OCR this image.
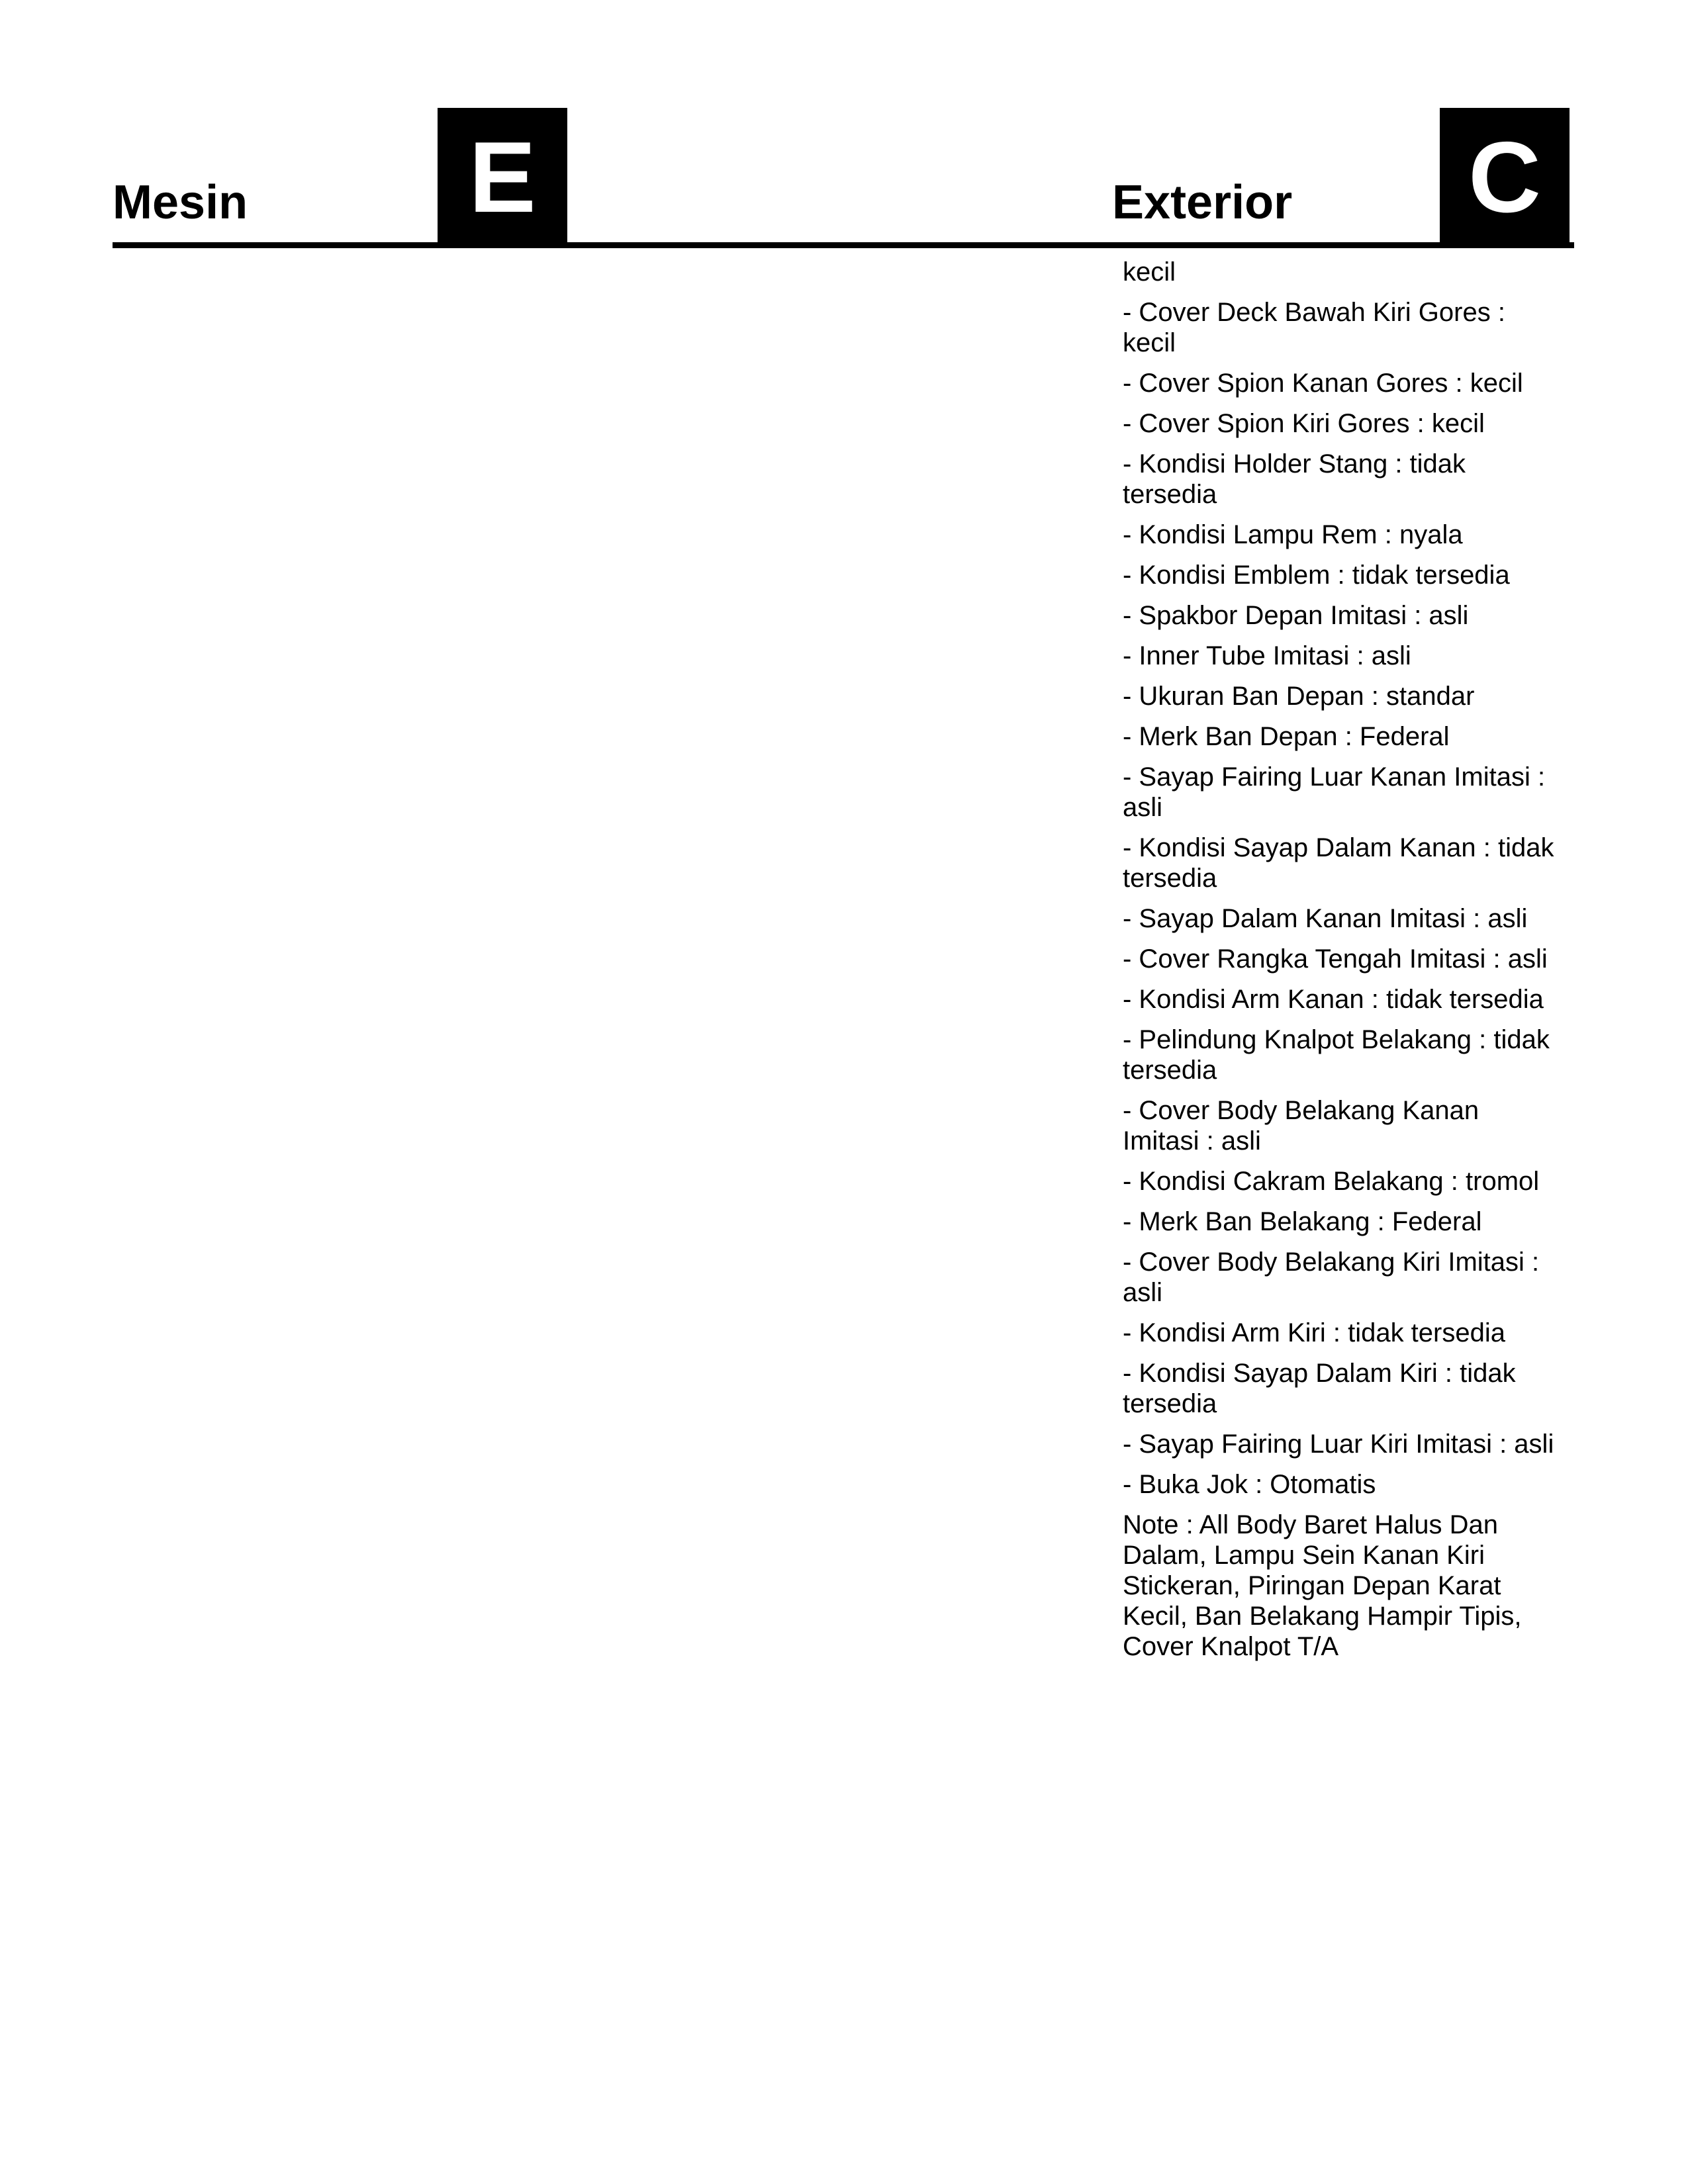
Mesin	E	Exterior C

kecil

- Cover Deck Bawah Kiri Gores : kecil

- Cover Spion Kanan Gores : kecil

- Cover Spion Kiri Gores : kecil

- Kondisi Holder Stang : tidak tersedia

- Kondisi Lampu Rem : nyala

- Kondisi Emblem : tidak tersedia

- Spakbor Depan Imitasi : asli

- Inner Tube Imitasi : asli

- Ukuran Ban Depan : standar

- Merk Ban Depan : Federal

- Sayap Fairing Luar Kanan Imitasi : asli

- Kondisi Sayap Dalam Kanan : tidak tersedia

- Sayap Dalam Kanan Imitasi : asli

- Cover Rangka Tengah Imitasi : asli

- Kondisi Arm Kanan : tidak tersedia

- Pelindung Knalpot Belakang : tidak tersedia

- Cover Body Belakang Kanan Imitasi : asli

- Kondisi Cakram Belakang : tromol

- Merk Ban Belakang : Federal

- Cover Body Belakang Kiri Imitasi : asli

- Kondisi Arm Kiri : tidak tersedia

- Kondisi Sayap Dalam Kiri : tidak tersedia

- Sayap Fairing Luar Kiri Imitasi : asli

- Buka Jok : Otomatis

Note : All Body Baret Halus Dan Dalam, Lampu Sein Kanan Kiri Stickeran, Piringan Depan Karat Kecil, Ban Belakang Hampir Tipis, Cover Knalpot T/A
